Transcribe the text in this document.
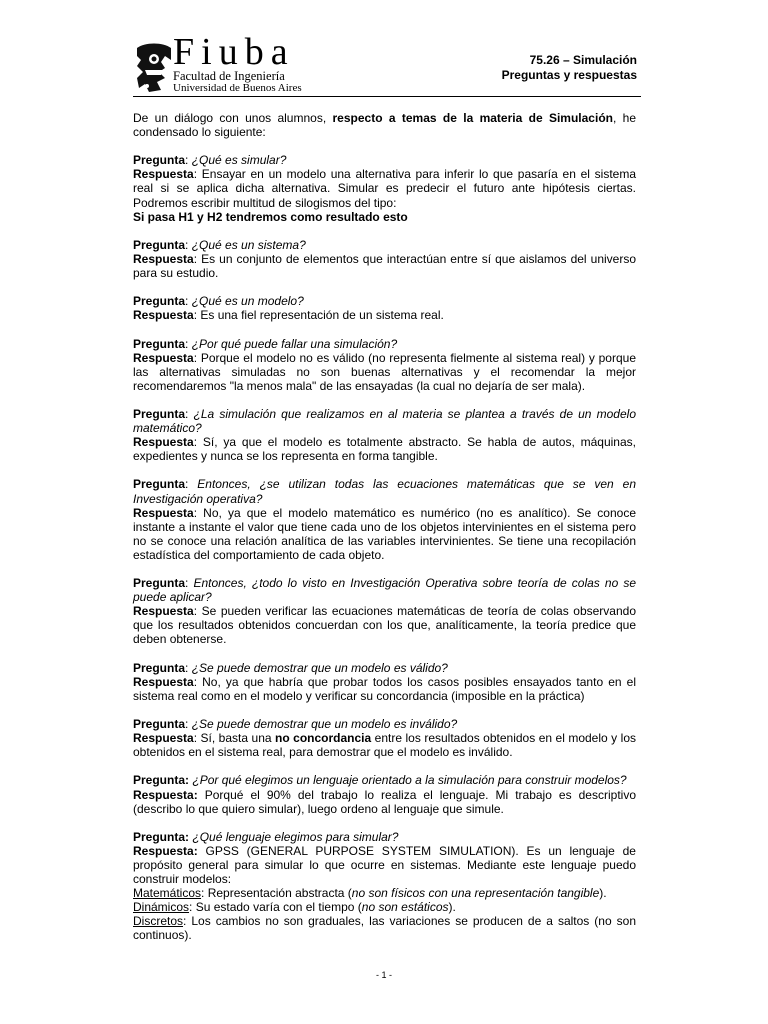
Fiuba
Facultad de Ingeniería
Universidad de Buenos Aires
75.26 – Simulación
Preguntas y respuestas

De un diálogo con unos alumnos, respecto a temas de la materia de Simulación, he condensado lo siguiente:

Pregunta: ¿Qué es simular?
Respuesta: Ensayar en un modelo una alternativa para inferir lo que pasaría en el sistema real si se aplica dicha alternativa. Simular es predecir el futuro ante hipótesis ciertas. Podremos escribir multitud de silogismos del tipo:
Si pasa H1 y H2 tendremos como resultado esto
Pregunta: ¿Qué es un sistema?
Respuesta: Es un conjunto de elementos que interactúan entre sí que aislamos del universo para su estudio.
Pregunta: ¿Qué es un modelo?
Respuesta: Es una fiel representación de un sistema real.
Pregunta: ¿Por qué puede fallar una simulación?
Respuesta: Porque el modelo no es válido (no representa fielmente al sistema real) y porque las alternativas simuladas no son buenas alternativas y el recomendar la mejor recomendaremos "la menos mala" de las ensayadas (la cual no dejaría de ser mala).
Pregunta: ¿La simulación que realizamos en al materia se plantea a través de un modelo matemático?
Respuesta: Sí, ya que el modelo es totalmente abstracto. Se habla de autos, máquinas, expedientes y nunca se los representa en forma tangible.
Pregunta: Entonces, ¿se utilizan todas las ecuaciones matemáticas que se ven en Investigación operativa?
Respuesta: No, ya que el modelo matemático es numérico (no es analítico). Se conoce instante a instante el valor que tiene cada uno de los objetos intervinientes en el sistema pero no se conoce una relación analítica de las variables intervinientes. Se tiene una recopilación estadística del comportamiento de cada objeto.
Pregunta: Entonces, ¿todo lo visto en Investigación Operativa sobre teoría de colas no se puede aplicar?
Respuesta: Se pueden verificar las ecuaciones matemáticas de teoría de colas observando que los resultados obtenidos concuerdan con los que, analíticamente, la teoría predice que deben obtenerse.
Pregunta: ¿Se puede demostrar que un modelo es válido?
Respuesta: No, ya que habría que probar todos los casos posibles ensayados tanto en el sistema real como en el modelo y verificar su concordancia (imposible en la práctica)
Pregunta: ¿Se puede demostrar que un modelo es inválido?
Respuesta: Sí, basta una no concordancia entre los resultados obtenidos en el modelo y los obtenidos en el sistema real, para demostrar que el modelo es inválido.
Pregunta: ¿Por qué elegimos un lenguaje orientado a la simulación para construir modelos?
Respuesta: Porqué el 90% del trabajo lo realiza el lenguaje. Mi trabajo es descriptivo (describo lo que quiero simular), luego ordeno al lenguaje que simule.
Pregunta: ¿Qué lenguaje elegimos para simular?
Respuesta: GPSS (GENERAL PURPOSE SYSTEM SIMULATION). Es un lenguaje de propósito general para simular lo que ocurre en sistemas. Mediante este lenguaje puedo construir modelos:
Matemáticos: Representación abstracta (no son físicos con una representación tangible).
Dinámicos: Su estado varía con el tiempo (no son estáticos).
Discretos: Los cambios no son graduales, las variaciones se producen de a saltos (no son continuos).
- 1 -
